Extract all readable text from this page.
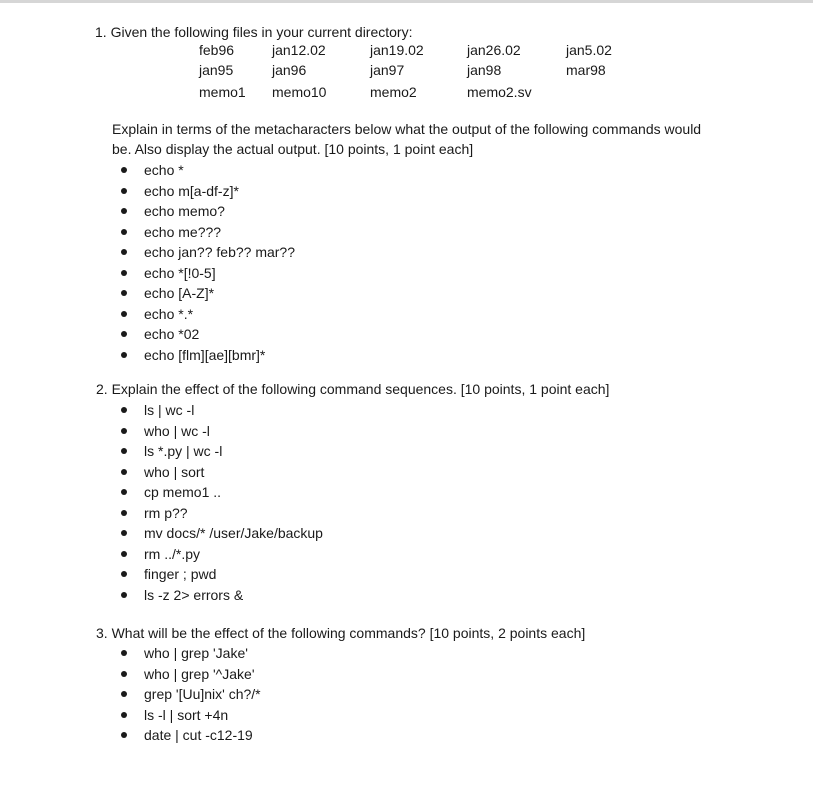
1. Given the following files in your current directory:
feb96	jan12.02	jan19.02	jan26.02	jan5.02
jan95	jan96	jan97	jan98	mar98
memo1 memo10	memo2	memo2.sv
Explain in terms of the metacharacters below what the output of the following commands would be. Also display the actual output. [10 points, 1 point each]
echo *
echo m[a-df-z]*
echo memo?
echo me???
echo jan?? feb?? mar??
echo *[!0-5]
echo [A-Z]*
echo *.*
echo *02
echo [flm][ae][bmr]*
2. Explain the effect of the following command sequences. [10 points, 1 point each]
ls | wc -l
who | wc -l
ls *.py | wc -l
who | sort
cp memo1 ..
rm p??
mv docs/* /user/Jake/backup
rm ../*.py
finger ; pwd
ls -z 2> errors &
3. What will be the effect of the following commands? [10 points, 2 points each]
who | grep 'Jake'
who | grep '^Jake'
grep '[Uu]nix' ch?/*
ls -l | sort +4n
date | cut -c12-19
